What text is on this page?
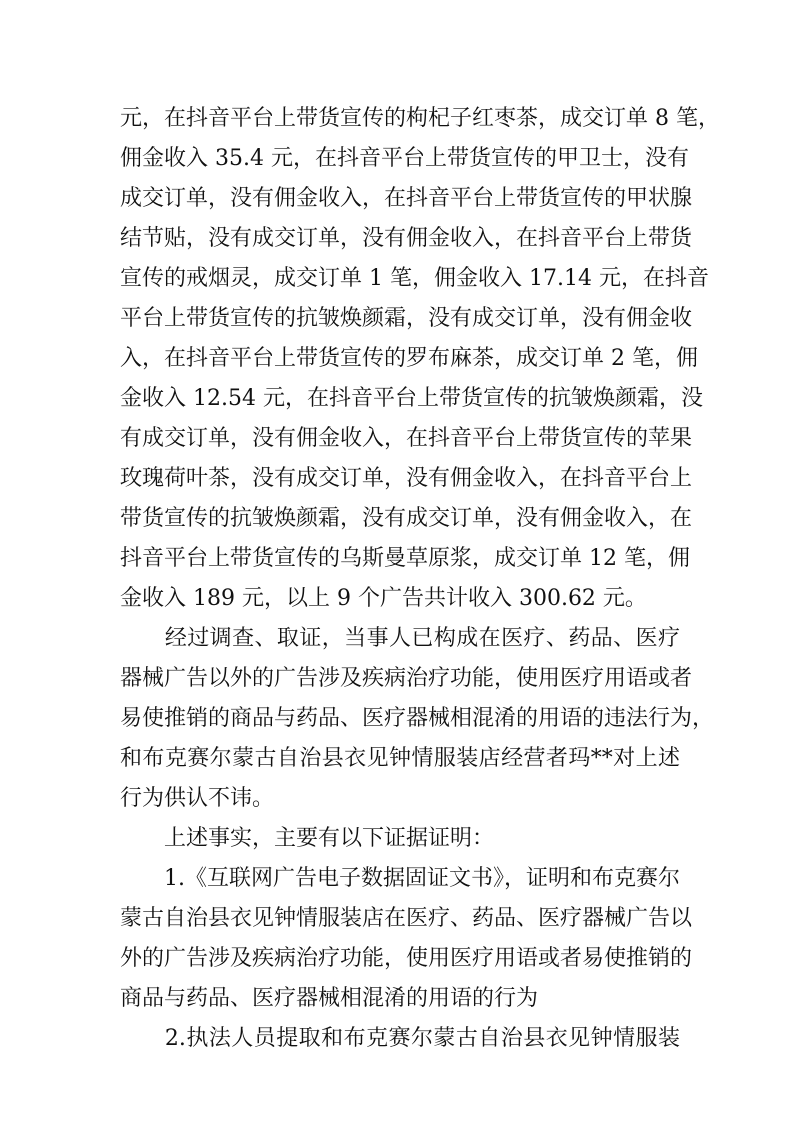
元，在抖音平台上带货宣传的枸杞子红枣茶，成交订单 8 笔，
佣金收入 35.4 元，在抖音平台上带货宣传的甲卫士，没有
成交订单，没有佣金收入，在抖音平台上带货宣传的甲状腺
结节贴，没有成交订单，没有佣金收入，在抖音平台上带货
宣传的戒烟灵，成交订单 1 笔，佣金收入 17.14 元，在抖音
平台上带货宣传的抗皱焕颜霜，没有成交订单，没有佣金收
入，在抖音平台上带货宣传的罗布麻茶，成交订单 2 笔，佣
金收入 12.54 元，在抖音平台上带货宣传的抗皱焕颜霜，没
有成交订单，没有佣金收入，在抖音平台上带货宣传的苹果
玫瑰荷叶茶，没有成交订单，没有佣金收入，在抖音平台上
带货宣传的抗皱焕颜霜，没有成交订单，没有佣金收入，在
抖音平台上带货宣传的乌斯曼草原浆，成交订单 12 笔，佣
金收入 189 元，以上 9 个广告共计收入 300.62 元。
　　经过调查、取证，当事人已构成在医疗、药品、医疗
器械广告以外的广告涉及疾病治疗功能，使用医疗用语或者
易使推销的商品与药品、医疗器械相混淆的用语的违法行为，
和布克赛尔蒙古自治县衣见钟情服装店经营者玛**对上述
行为供认不讳。
　　上述事实，主要有以下证据证明：
　　1.《互联网广告电子数据固证文书》，证明和布克赛尔
蒙古自治县衣见钟情服装店在医疗、药品、医疗器械广告以
外的广告涉及疾病治疗功能，使用医疗用语或者易使推销的
商品与药品、医疗器械相混淆的用语的行为
　　2.执法人员提取和布克赛尔蒙古自治县衣见钟情服装
